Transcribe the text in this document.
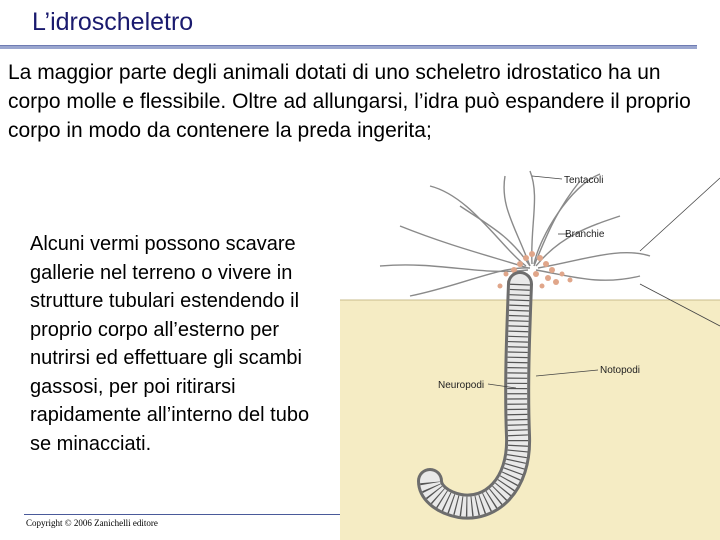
L’idroscheletro

La maggior parte degli animali dotati di uno scheletro idrostatico ha un corpo molle e flessibile. Oltre ad allungarsi, l’idra può espandere il proprio corpo in modo da contenere la preda ingerita;

Alcuni vermi possono scavare gallerie nel terreno o vivere in strutture tubulari estendendo il proprio corpo all’esterno per nutrirsi ed effettuare gli scambi gassosi, per poi ritirarsi rapidamente all’interno del tubo se minacciati.

Copyright © 2006 Zanichelli editore
Tentacoli
Branchie
Notopodi
Neuropodi
